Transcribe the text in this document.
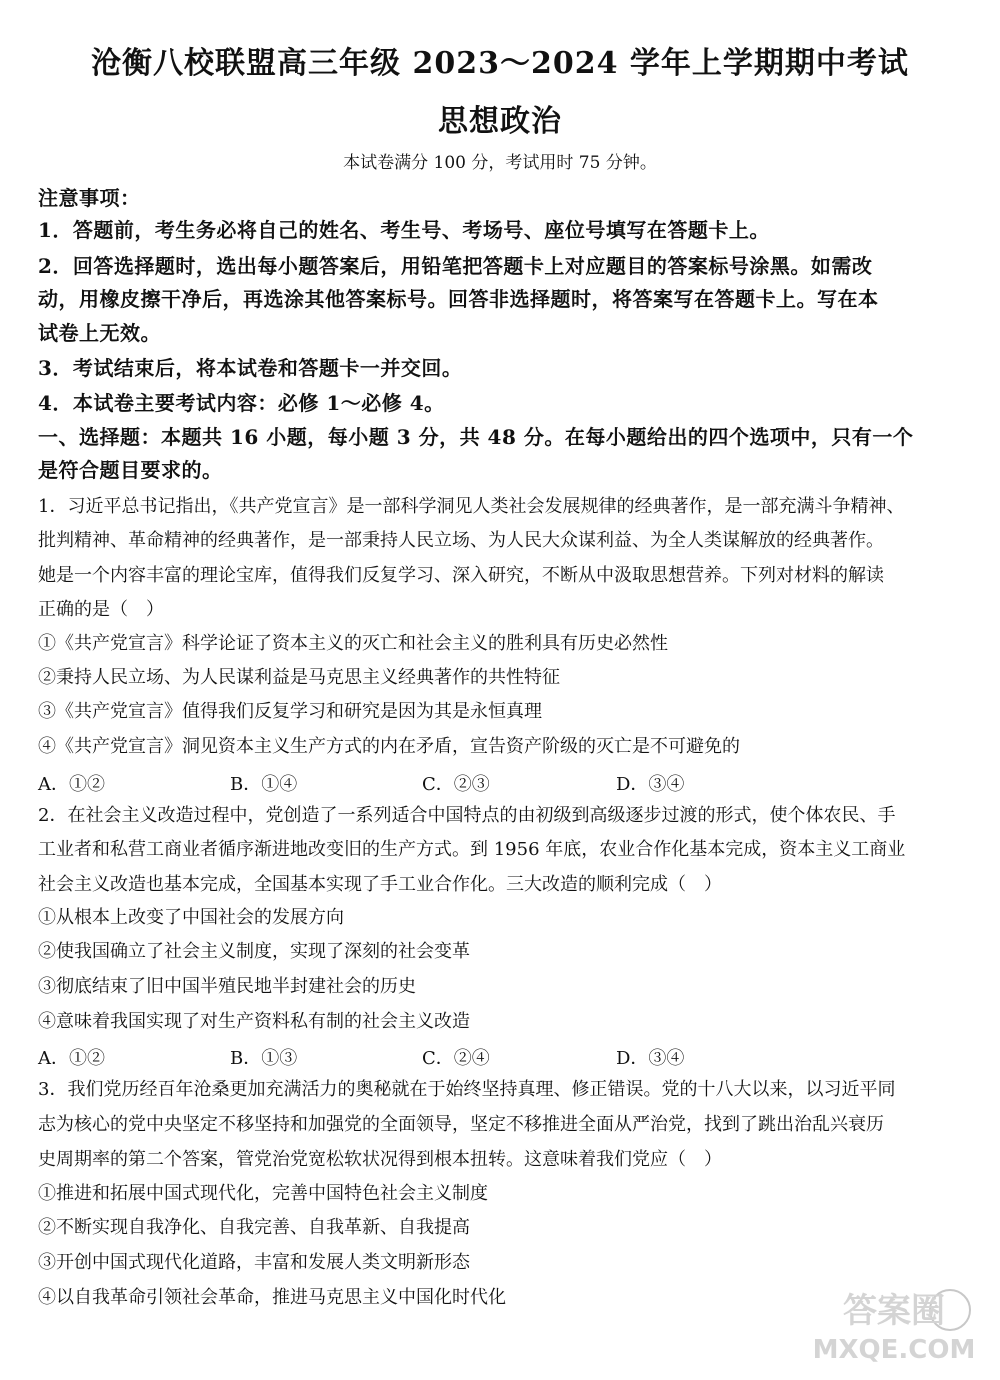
沧衡八校联盟高三年级 2023～2024 学年上学期期中考试
思想政治
本试卷满分 100 分，考试用时 75 分钟。
注意事项：
1．答题前，考生务必将自己的姓名、考生号、考场号、座位号填写在答题卡上。
2．回答选择题时，选出每小题答案后，用铅笔把答题卡上对应题目的答案标号涂黑。如需改
动，用橡皮擦干净后，再选涂其他答案标号。回答非选择题时，将答案写在答题卡上。写在本
试卷上无效。
3．考试结束后，将本试卷和答题卡一并交回。
4．本试卷主要考试内容：必修 1～必修 4。
一、选择题：本题共 16 小题，每小题 3 分，共 48 分。在每小题给出的四个选项中，只有一个
是符合题目要求的。
1．习近平总书记指出，《共产党宣言》是一部科学洞见人类社会发展规律的经典著作，是一部充满斗争精神、
批判精神、革命精神的经典著作，是一部秉持人民立场、为人民大众谋利益、为全人类谋解放的经典著作。
她是一个内容丰富的理论宝库，值得我们反复学习、深入研究，不断从中汲取思想营养。下列对材料的解读
正确的是（　）
①《共产党宣言》科学论证了资本主义的灭亡和社会主义的胜利具有历史必然性
②秉持人民立场、为人民谋利益是马克思主义经典著作的共性特征
③《共产党宣言》值得我们反复学习和研究是因为其是永恒真理
④《共产党宣言》洞见资本主义生产方式的内在矛盾，宣告资产阶级的灭亡是不可避免的
A．①②	B．①④	C．②③	D．③④
2．在社会主义改造过程中，党创造了一系列适合中国特点的由初级到高级逐步过渡的形式，使个体农民、手
工业者和私营工商业者循序渐进地改变旧的生产方式。到 1956 年底，农业合作化基本完成，资本主义工商业
社会主义改造也基本完成，全国基本实现了手工业合作化。三大改造的顺利完成（　）
①从根本上改变了中国社会的发展方向
②使我国确立了社会主义制度，实现了深刻的社会变革
③彻底结束了旧中国半殖民地半封建社会的历史
④意味着我国实现了对生产资料私有制的社会主义改造
A．①②	B．①③	C．②④	D．③④
3．我们党历经百年沧桑更加充满活力的奥秘就在于始终坚持真理、修正错误。党的十八大以来，以习近平同
志为核心的党中央坚定不移坚持和加强党的全面领导，坚定不移推进全面从严治党，找到了跳出治乱兴衰历
史周期率的第二个答案，管党治党宽松软状况得到根本扭转。这意味着我们党应（　）
①推进和拓展中国式现代化，完善中国特色社会主义制度
②不断实现自我净化、自我完善、自我革新、自我提高
③开创中国式现代化道路，丰富和发展人类文明新形态
④以自我革命引领社会革命，推进马克思主义中国化时代化	答案圈
MXQE.COM
